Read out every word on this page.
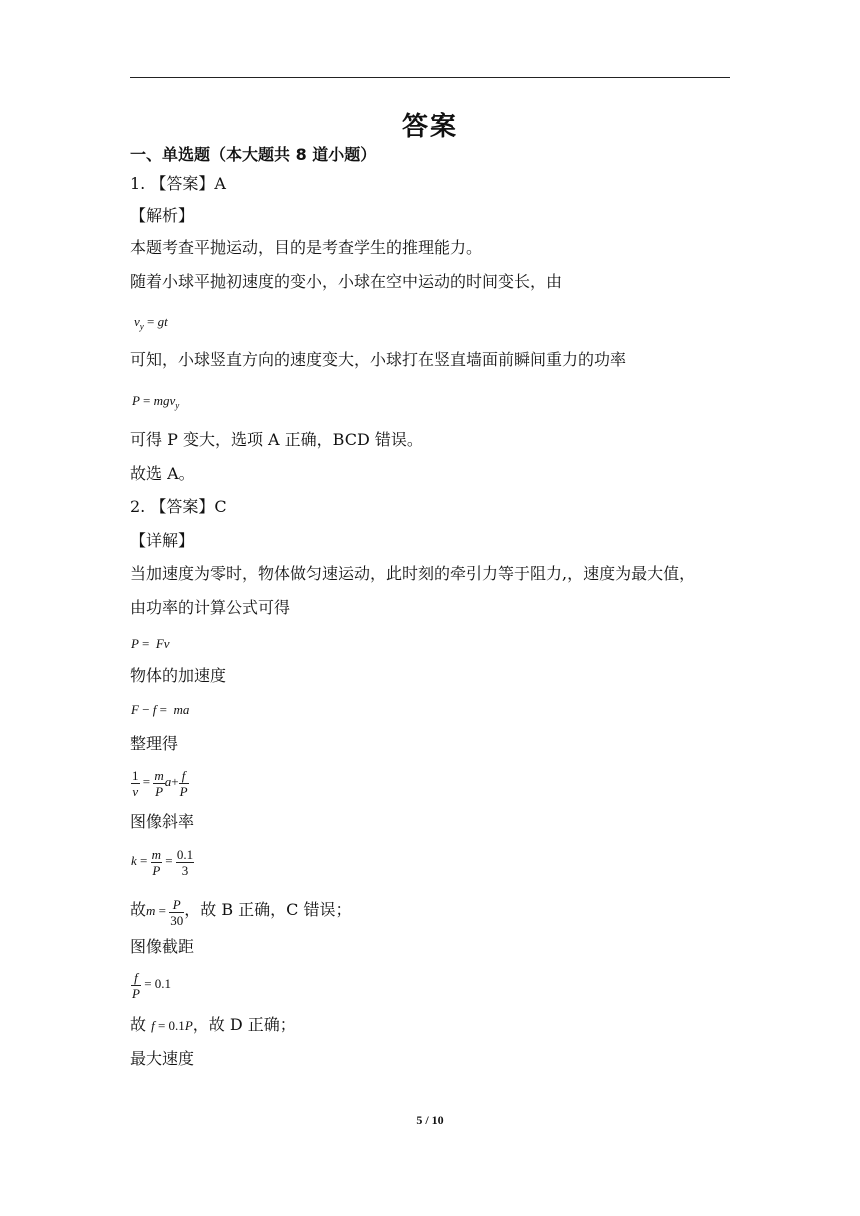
答案
一、单选题（本大题共 8 道小题）
1. 【答案】A
【解析】
本题考查平抛运动，目的是考查学生的推理能力。
随着小球平抛初速度的变小，小球在空中运动的时间变长，由
$v_y$ = gt
可知，小球竖直方向的速度变大，小球打在竖直墙面前瞬间重力的功率
P = mgv$_y$
可得 P 变大，选项 A 正确，BCD 错误。
故选 A。
2. 【答案】C
【详解】
当加速度为零时，物体做匀速运动，此时刻的牵引力等于阻力,，速度为最大值，
由功率的计算公式可得
P =  Fv
物体的加速度
F − f =  ma
整理得
$\frac{1}{v} = \frac{m}{P} a+ \frac{f}{P}$
图像斜率
$k = \frac{m}{P} = \frac{0.1}{3}$
故$m = \frac{P}{30}$ ，故 B 正确，C 错误；
图像截距
$\frac{f}{P} = 0.1$
故 f = 0.1P，故 D 正确；
最大速度
5 / 10
